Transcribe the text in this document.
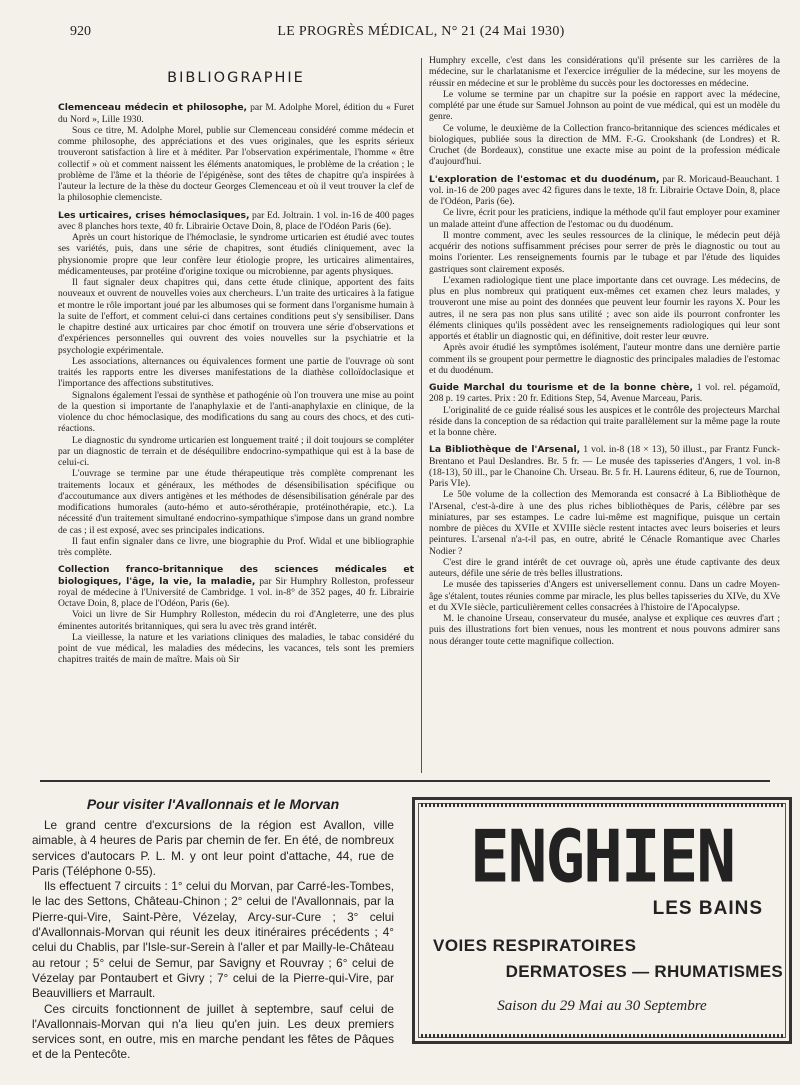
920	LE PROGRÈS MÉDICAL, N° 21 (24 Mai 1930)
BIBLIOGRAPHIE

Clemenceau médecin et philosophe, par M. Adolphe Morel, édition du « Furet du Nord », Lille 1930.

Sous ce titre, M. Adolphe Morel, publie sur Clemenceau considéré comme médecin et comme philosophe, des appréciations et des vues originales, que les esprits sérieux trouveront satisfaction à lire et à méditer. Par l'observation expérimentale, l'homme « être collectif » où et comment naissent les éléments anatomiques, le problème de la création ; le problème de l'âme et la théorie de l'épigénèse, sont des têtes de chapitre qu'a inspirées à l'auteur la lecture de la thèse du docteur Georges Clemenceau et où il veut trouver la clef de la philosophie clemenciste.

Les urticaires, crises hémoclasiques, par Ed. Joltrain. 1 vol. in-16 de 400 pages avec 8 planches hors texte, 40 fr. Librairie Octave Doin, 8, place de l'Odéon Paris (6e).

Après un court historique de l'hémoclasie, le syndrome urticarien est étudié avec toutes ses variétés, puis, dans une série de chapitres, sont étudiés cliniquement, avec la physionomie propre que leur confère leur étiologie propre, les urticaires alimentaires, médicamenteuses, par protéine d'origine toxique ou microbienne, par agents physiques.

Il faut signaler deux chapitres qui, dans cette étude clinique, apportent des faits nouveaux et ouvrent de nouvelles voies aux chercheurs. L'un traite des urticaires à la fatigue et montre le rôle important joué par les albumoses qui se forment dans l'organisme humain à la suite de l'effort, et comment celui-ci dans certaines conditions peut s'y sensibiliser. Dans le chapitre destiné aux urticaires par choc émotif on trouvera une série d'observations et d'expériences personnelles qui ouvrent des voies nouvelles sur la psychiatrie et la psychologie expérimentale.

Les associations, alternances ou équivalences forment une partie de l'ouvrage où sont traités les rapports entre les diverses manifestations de la diathèse colloïdoclasique et l'importance des affections substitutives.

Signalons également l'essai de synthèse et pathogénie où l'on trouvera une mise au point de la question si importante de l'anaphylaxie et de l'anti-anaphylaxie en clinique, de la violence du choc hémoclasique, des modifications du sang au cours des chocs, et des cuti-réactions.

Le diagnostic du syndrome urticarien est longuement traité ; il doit toujours se compléter par un diagnostic de terrain et de déséquilibre endocrino-sympathique qui est à la base de celui-ci.

L'ouvrage se termine par une étude thérapeutique très complète comprenant les traitements locaux et généraux, les méthodes de désensibilisation spécifique ou d'accoutumance aux divers antigènes et les méthodes de désensibilisation générale par des modifications humorales (auto-hémo et auto-sérothérapie, protéinothérapie, etc.). La nécessité d'un traitement simultané endocrino-sympathique s'impose dans un grand nombre de cas ; il est exposé, avec ses principales indications.

Il faut enfin signaler dans ce livre, une biographie du Prof. Widal et une bibliographie très complète.

Collection franco-britannique des sciences médicales et biologiques, l'âge, la vie, la maladie, par Sir Humphry Rolleston, professeur royal de médecine à l'Université de Cambridge. 1 vol. in-8° de 352 pages, 40 fr. Librairie Octave Doin, 8, place de l'Odéon, Paris (6e).

Voici un livre de Sir Humphry Rolleston, médecin du roi d'Angleterre, une des plus éminentes autorités britanniques, qui sera lu avec très grand intérêt.

La vieillesse, la nature et les variations cliniques des maladies, le tabac considéré du point de vue médical, les maladies des médecins, les vacances, tels sont les premiers chapitres traités de main de maître. Mais où Sir

Humphry excelle, c'est dans les considérations qu'il présente sur les carrières de la médecine, sur le charlatanisme et l'exercice irrégulier de la médecine, sur les moyens de réussir en médecine et sur le problème du succès pour les doctoresses en médecine.

Le volume se termine par un chapitre sur la poésie en rapport avec la médecine, complété par une étude sur Samuel Johnson au point de vue médical, qui est un modèle du genre.

Ce volume, le deuxième de la Collection franco-britannique des sciences médicales et biologiques, publiée sous la direction de MM. F.-G. Crookshank (de Londres) et R. Cruchet (de Bordeaux), constitue une exacte mise au point de la profession médicale d'aujourd'hui.

L'exploration de l'estomac et du duodénum, par R. Moricaud-Beauchant. 1 vol. in-16 de 200 pages avec 42 figures dans le texte, 18 fr. Librairie Octave Doin, 8, place de l'Odéon, Paris (6e).

Ce livre, écrit pour les praticiens, indique la méthode qu'il faut employer pour examiner un malade atteint d'une affection de l'estomac ou du duodénum.

Il montre comment, avec les seules ressources de la clinique, le médecin peut déjà acquérir des notions suffisamment précises pour serrer de près le diagnostic ou tout au moins l'orienter. Les renseignements fournis par le tubage et par l'étude des liquides gastriques sont clairement exposés.

L'examen radiologique tient une place importante dans cet ouvrage. Les médecins, de plus en plus nombreux qui pratiquent eux-mêmes cet examen chez leurs malades, y trouveront une mise au point des données que peuvent leur fournir les rayons X. Pour les autres, il ne sera pas non plus sans utilité ; avec son aide ils pourront confronter les éléments cliniques qu'ils possèdent avec les renseignements radiologiques qui leur sont apportés et établir un diagnostic qui, en définitive, doit rester leur œuvre.

Après avoir étudié les symptômes isolément, l'auteur montre dans une dernière partie comment ils se groupent pour permettre le diagnostic des principales maladies de l'estomac et du duodénum.

Guide Marchal du tourisme et de la bonne chère, 1 vol. rel. pégamoïd, 208 p. 19 cartes. Prix : 20 fr. Editions Step, 54, Avenue Marceau, Paris.

L'originalité de ce guide réalisé sous les auspices et le contrôle des projecteurs Marchal réside dans la conception de sa rédaction qui traite parallèlement sur la même page la route et la bonne chère.

La Bibliothèque de l'Arsenal, 1 vol. in-8 (18 × 13), 50 illust., par Frantz Funck-Brentano et Paul Deslandres. Br. 5 fr. — Le musée des tapisseries d'Angers, 1 vol. in-8 (18-13), 50 ill., par le Chanoine Ch. Urseau. Br. 5 fr. H. Laurens éditeur, 6, rue de Tournon, Paris VIe).

Le 50e volume de la collection des Memoranda est consacré à La Bibliothèque de l'Arsenal, c'est-à-dire à une des plus riches bibliothèques de Paris, célèbre par ses miniatures, par ses estampes. Le cadre lui-même est magnifique, puisque un certain nombre de pièces du XVIIe et XVIIIe siècle restent intactes avec leurs boiseries et leurs peintures. L'arsenal n'a-t-il pas, en outre, abrité le Cénacle Romantique avec Charles Nodier ?

C'est dire le grand intérêt de cet ouvrage où, après une étude captivante des deux auteurs, défile une série de très belles illustrations.

Le musée des tapisseries d'Angers est universellement connu. Dans un cadre Moyen-âge s'étalent, toutes réunies comme par miracle, les plus belles tapisseries du XIVe, du XVe et du XVIe siècle, particulièrement celles consacrées à l'histoire de l'Apocalypse.

M. le chanoine Urseau, conservateur du musée, analyse et explique ces œuvres d'art ; puis des illustrations fort bien venues, nous les montrent et nous pouvons admirer sans nous déranger toute cette magnifique collection.

Pour visiter l'Avallonnais et le Morvan

Le grand centre d'excursions de la région est Avallon, ville aimable, à 4 heures de Paris par chemin de fer. En été, de nombreux services d'autocars P. L. M. y ont leur point d'attache, 44, rue de Paris (Téléphone 0-55).

Ils effectuent 7 circuits : 1° celui du Morvan, par Carré-les-Tombes, le lac des Settons, Château-Chinon ; 2° celui de l'Avallonnais, par la Pierre-qui-Vire, Saint-Père, Vézelay, Arcy-sur-Cure ; 3° celui d'Avallonnais-Morvan qui réunit les deux itinéraires précédents ; 4° celui du Chablis, par l'Isle-sur-Serein à l'aller et par Mailly-le-Château au retour ; 5° celui de Semur, par Savigny et Rouvray ; 6° celui de Vézelay par Pontaubert et Givry ; 7° celui de la Pierre-qui-Vire, par Beauvilliers et Marrault.

Ces circuits fonctionnent de juillet à septembre, sauf celui de l'Avallonnais-Morvan qui n'a lieu qu'en juin. Les deux premiers services sont, en outre, mis en marche pendant les fêtes de Pâques et de la Pentecôte.

ENGHIEN
LES BAINS
VOIES RESPIRATOIRES
DERMATOSES — RHUMATISMES
Saison du 29 Mai au 30 Septembre
